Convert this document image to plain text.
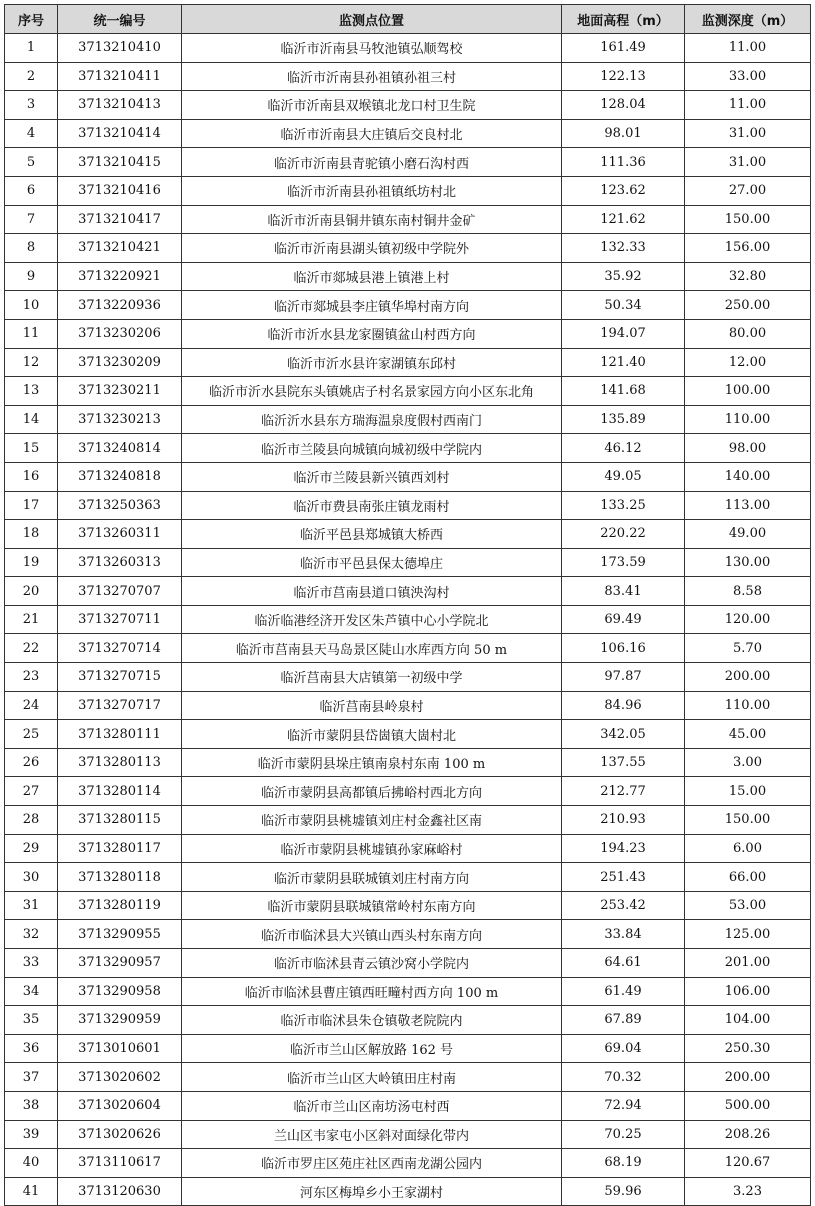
序号	统一编号	监测点位置	地面高程（m）	监测深度（m）
1	3713210410	临沂市沂南县马牧池镇弘顺驾校	161.49	11.00
2	3713210411	临沂市沂南县孙祖镇孙祖三村	122.13	33.00
3	3713210413	临沂市沂南县双堠镇北龙口村卫生院	128.04	11.00
4	3713210414	临沂市沂南县大庄镇后交良村北	98.01	31.00
5	3713210415	临沂市沂南县青驼镇小磨石沟村西	111.36	31.00
6	3713210416	临沂市沂南县孙祖镇纸坊村北	123.62	27.00
7	3713210417	临沂市沂南县铜井镇东南村铜井金矿	121.62	150.00
8	3713210421	临沂市沂南县湖头镇初级中学院外	132.33	156.00
9	3713220921	临沂市郯城县港上镇港上村	35.92	32.80
10	3713220936	临沂市郯城县李庄镇华埠村南方向	50.34	250.00
11	3713230206	临沂市沂水县龙家圈镇盆山村西方向	194.07	80.00
12	3713230209	临沂市沂水县许家湖镇东邱村	121.40	12.00
13	3713230211	临沂市沂水县院东头镇姚店子村名景家园方向小区东北角	141.68	100.00
14	3713230213	临沂沂水县东方瑞海温泉度假村西南门	135.89	110.00
15	3713240814	临沂市兰陵县向城镇向城初级中学院内	46.12	98.00
16	3713240818	临沂市兰陵县新兴镇西刘村	49.05	140.00
17	3713250363	临沂市费县南张庄镇龙雨村	133.25	113.00
18	3713260311	临沂平邑县郑城镇大桥西	220.22	49.00
19	3713260313	临沂市平邑县保太德埠庄	173.59	130.00
20	3713270707	临沂市莒南县道口镇泱沟村	83.41	8.58
21	3713270711	临沂临港经济开发区朱芦镇中心小学院北	69.49	120.00
22	3713270714	临沂市莒南县天马岛景区陡山水库西方向 50 m	106.16	5.70
23	3713270715	临沂莒南县大店镇第一初级中学	97.87	200.00
24	3713270717	临沂莒南县岭泉村	84.96	110.00
25	3713280111	临沂市蒙阴县岱崮镇大崮村北	342.05	45.00
26	3713280113	临沂市蒙阴县垛庄镇南泉村东南 100 m	137.55	3.00
27	3713280114	临沂市蒙阴县高都镇后拂峪村西北方向	212.77	15.00
28	3713280115	临沂市蒙阴县桃墟镇刘庄村金鑫社区南	210.93	150.00
29	3713280117	临沂市蒙阴县桃墟镇孙家麻峪村	194.23	6.00
30	3713280118	临沂市蒙阴县联城镇刘庄村南方向	251.43	66.00
31	3713280119	临沂市蒙阴县联城镇常岭村东南方向	253.42	53.00
32	3713290955	临沂市临沭县大兴镇山西头村东南方向	33.84	125.00
33	3713290957	临沂市临沭县青云镇沙窝小学院内	64.61	201.00
34	3713290958	临沂市临沭县曹庄镇西旺疃村西方向 100 m	61.49	106.00
35	3713290959	临沂市临沭县朱仓镇敬老院院内	67.89	104.00
36	3713010601	临沂市兰山区解放路 162 号	69.04	250.30
37	3713020602	临沂市兰山区大岭镇田庄村南	70.32	200.00
38	3713020604	临沂市兰山区南坊汤屯村西	72.94	500.00
39	3713020626	兰山区韦家屯小区斜对面绿化带内	70.25	208.26
40	3713110617	临沂市罗庄区苑庄社区西南龙湖公园内	68.19	120.67
41	3713120630	河东区梅埠乡小王家湖村	59.96	3.23
